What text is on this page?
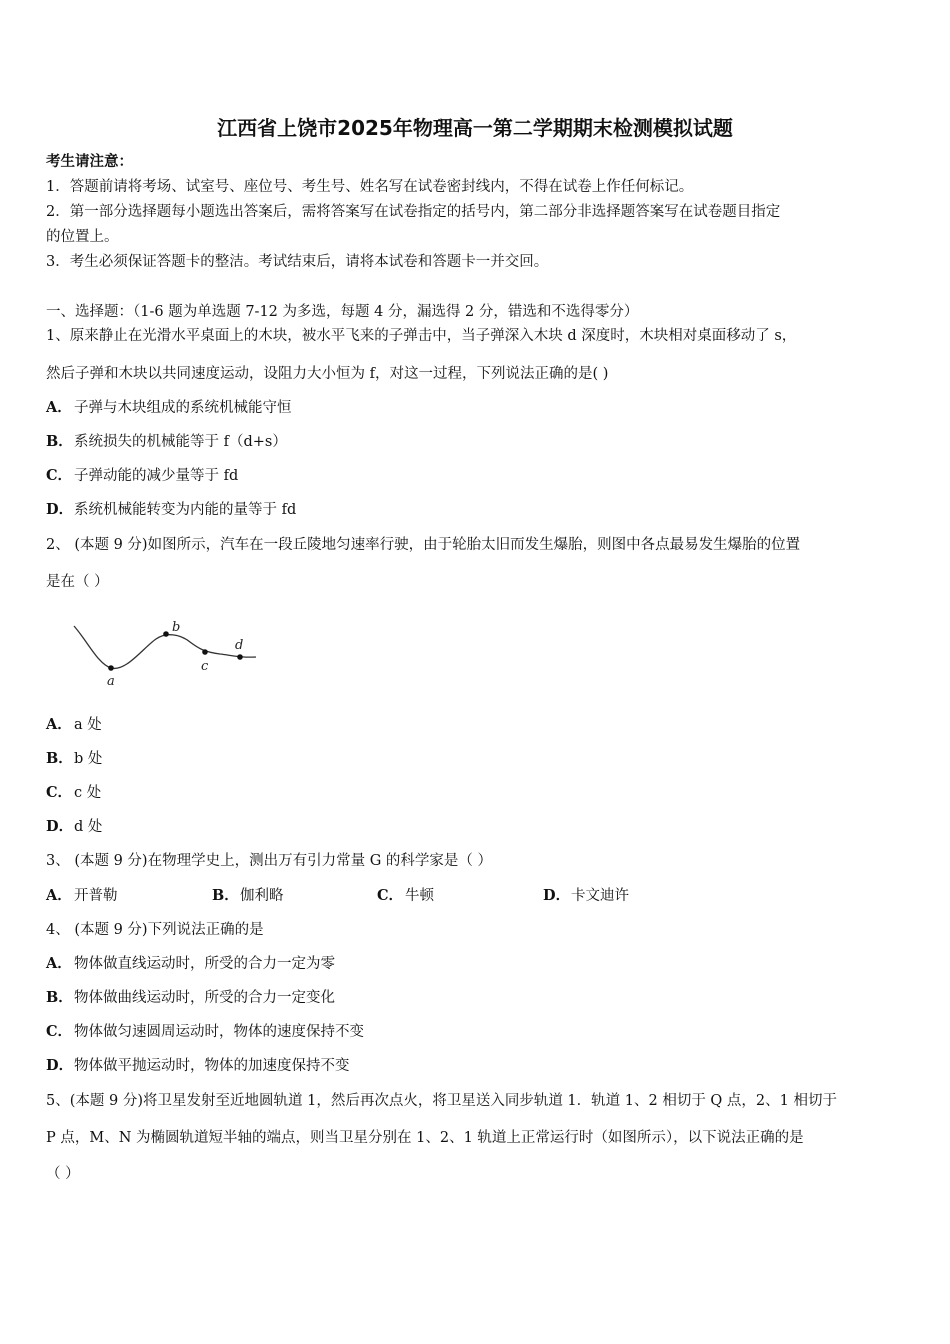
江西省上饶市2025年物理高一第二学期期末检测模拟试题
考生请注意：
1．答题前请将考场、试室号、座位号、考生号、姓名写在试卷密封线内，不得在试卷上作任何标记。
2．第一部分选择题每小题选出答案后，需将答案写在试卷指定的括号内，第二部分非选择题答案写在试卷题目指定
的位置上。
3．考生必须保证答题卡的整洁。考试结束后，请将本试卷和答题卡一并交回。
一、选择题：（1-6 题为单选题 7-12 为多选，每题 4 分，漏选得 2 分，错选和不选得零分）
1、原来静止在光滑水平桌面上的木块，被水平飞来的子弹击中，当子弹深入木块 d 深度时，木块相对桌面移动了 s，
然后子弹和木块以共同速度运动，设阻力大小恒为 f，对这一过程，下列说法正确的是( )
A． 子弹与木块组成的系统机械能守恒
B．系统损失的机械能等于 f（d+s）
C． 子弹动能的减少量等于 fd
D．系统机械能转变为内能的量等于 fd
2、 (本题 9 分)如图所示，汽车在一段丘陵地匀速率行驶，由于轮胎太旧而发生爆胎，则图中各点最易发生爆胎的位置
是在（ ）
a
b
c
d
A． a 处
B．b 处
C． c 处
D．d 处
3、 (本题 9 分)在物理学史上，测出万有引力常量 G 的科学家是（ ）
A． 开普勒	B．伽利略	C． 牛顿	D．卡文迪许
4、 (本题 9 分)下列说法正确的是
A． 物体做直线运动时，所受的合力一定为零
B．物体做曲线运动时，所受的合力一定变化
C． 物体做匀速圆周运动时，物体的速度保持不变
D．物体做平抛运动时，物体的加速度保持不变
5、(本题 9 分)将卫星发射至近地圆轨道 1，然后再次点火，将卫星送入同步轨道 1．轨道 1、2 相切于 Q 点，2、1 相切于
P 点，M、N 为椭圆轨道短半轴的端点，则当卫星分别在 1、2、1 轨道上正常运行时（如图所示），以下说法正确的是
（ ）
